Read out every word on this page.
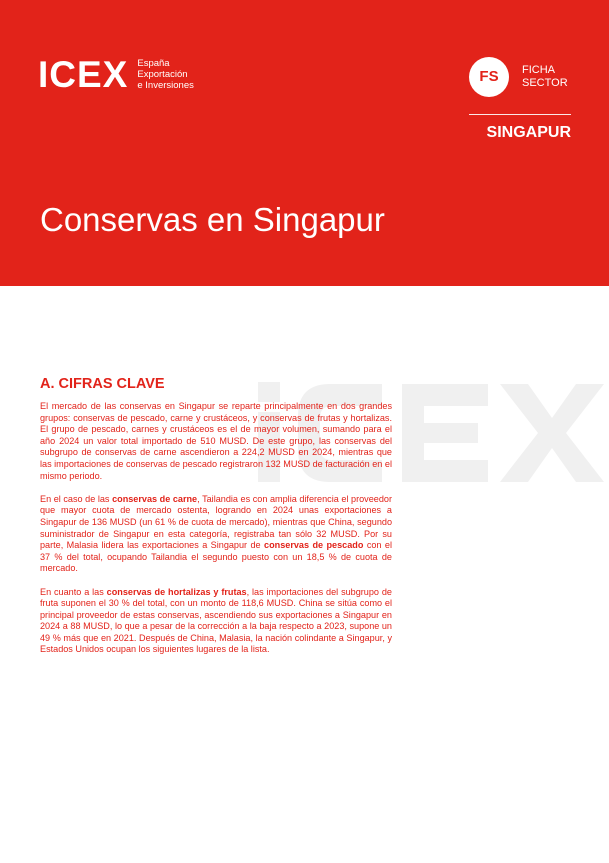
ICEX España
Exportación
e Inversiones
FS	FICHA
SECTOR
SINGAPUR
Conservas en Singapur
A. CIFRAS CLAVE

El mercado de las conservas en Singapur se reparte principalmente en dos grandes grupos: conservas de pescado, carne y crustáceos, y conservas de frutas y hortalizas. El grupo de pescado, carnes y crustáceos es el de mayor volumen, sumando para el año 2024 un valor total importado de 510 MUSD. De este grupo, las conservas del subgrupo de conservas de carne ascendieron a 224,2 MUSD en 2024, mientras que las importaciones de conservas de pescado registraron 132 MUSD de facturación en el mismo periodo.

En el caso de las conservas de carne, Tailandia es con amplia diferencia el proveedor que mayor cuota de mercado ostenta, logrando en 2024 unas exportaciones a Singapur de 136 MUSD (un 61 % de cuota de mercado), mientras que China, segundo suministrador de Singapur en esta categoría, registraba tan sólo 32 MUSD. Por su parte, Malasia lidera las exportaciones a Singapur de conservas de pescado con el 37 % del total, ocupando Tailandia el segundo puesto con un 18,5 % de cuota de mercado.

En cuanto a las conservas de hortalizas y frutas, las importaciones del subgrupo de fruta suponen el 30 % del total, con un monto de 118,6 MUSD. China se sitúa como el principal proveedor de estas conservas, ascendiendo sus exportaciones a Singapur en 2024 a 88 MUSD, lo que a pesar de la corrección a la baja respecto a 2023, supone un 49 % más que en 2021. Después de China, Malasia, la nación colindante a Singapur, y Estados Unidos ocupan los siguientes lugares de la lista.
